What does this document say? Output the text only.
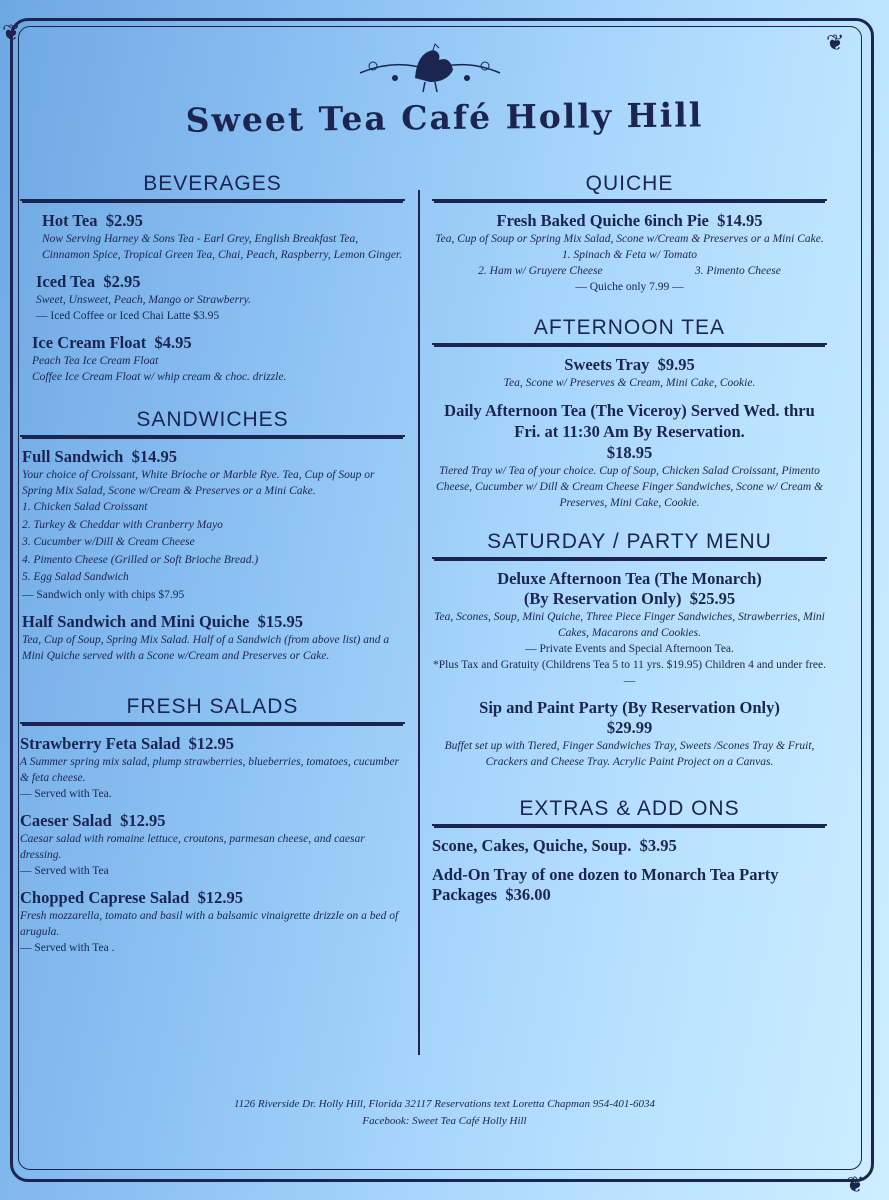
❦	❦
❦
Sweet Tea Café Holly Hill
BEVERAGES
Hot Tea $2.95
Now Serving Harney & Sons Tea - Earl Grey, English Breakfast Tea, Cinnamon Spice, Tropical Green Tea, Chai, Peach, Raspberry, Lemon Ginger.
Iced Tea $2.95
Sweet, Unsweet, Peach, Mango or Strawberry.
— Iced Coffee or Iced Chai Latte $3.95
Ice Cream Float $4.95
Peach Tea Ice Cream Float
Coffee Ice Cream Float w/ whip cream & choc. drizzle.
SANDWICHES
Full Sandwich $14.95
Your choice of Croissant, White Brioche or Marble Rye. Tea, Cup of Soup or Spring Mix Salad, Scone w/Cream & Preserves or a Mini Cake.
1. Chicken Salad Croissant
2. Turkey & Cheddar with Cranberry Mayo
3. Cucumber w/Dill & Cream Cheese
4. Pimento Cheese (Grilled or Soft Brioche Bread.)
5. Egg Salad Sandwich
— Sandwich only with chips $7.95
Half Sandwich and Mini Quiche $15.95
Tea, Cup of Soup, Spring Mix Salad. Half of a Sandwich (from above list) and a Mini Quiche served with a Scone w/Cream and Preserves or Cake.
FRESH SALADS
Strawberry Feta Salad $12.95
A Summer spring mix salad, plump strawberries, blueberries, tomatoes, cucumber & feta cheese.
— Served with Tea.
Caeser Salad $12.95
Caesar salad with romaine lettuce, croutons, parmesan cheese, and caesar dressing.
— Served with Tea
Chopped Caprese Salad $12.95
Fresh mozzarella, tomato and basil with a balsamic vinaigrette drizzle on a bed of arugula.
— Served with Tea .
QUICHE
Fresh Baked Quiche 6inch Pie $14.95
Tea, Cup of Soup or Spring Mix Salad, Scone w/Cream & Preserves or a Mini Cake. 1. Spinach & Feta w/ Tomato
2. Ham w/ Gruyere Cheese	3. Pimento Cheese
— Quiche only 7.99 —
AFTERNOON TEA
Sweets Tray $9.95
Tea, Scone w/ Preserves & Cream, Mini Cake, Cookie.
Daily Afternoon Tea (The Viceroy) Served Wed. thru Fri. at 11:30 Am By Reservation.
$18.95
Tiered Tray w/ Tea of your choice. Cup of Soup, Chicken Salad Croissant, Pimento Cheese, Cucumber w/ Dill & Cream Cheese Finger Sandwiches, Scone w/ Cream & Preserves, Mini Cake, Cookie.
SATURDAY / PARTY MENU
Deluxe Afternoon Tea (The Monarch)
(By Reservation Only) $25.95
Tea, Scones, Soup, Mini Quiche, Three Piece Finger Sandwiches, Strawberries, Mini Cakes, Macarons and Cookies.
— Private Events and Special Afternoon Tea.
*Plus Tax and Gratuity (Childrens Tea 5 to 11 yrs. $19.95) Children 4 and under free. —
Sip and Paint Party (By Reservation Only)
$29.99
Buffet set up with Tiered, Finger Sandwiches Tray, Sweets /Scones Tray & Fruit, Crackers and Cheese Tray. Acrylic Paint Project on a Canvas.
EXTRAS & ADD ONS
Scone, Cakes, Quiche, Soup. $3.95
Add-On Tray of one dozen to Monarch Tea Party Packages $36.00
1126 Riverside Dr. Holly Hill, Florida 32117 Reservations text Loretta Chapman 954-401-6034
Facebook: Sweet Tea Café Holly Hill
